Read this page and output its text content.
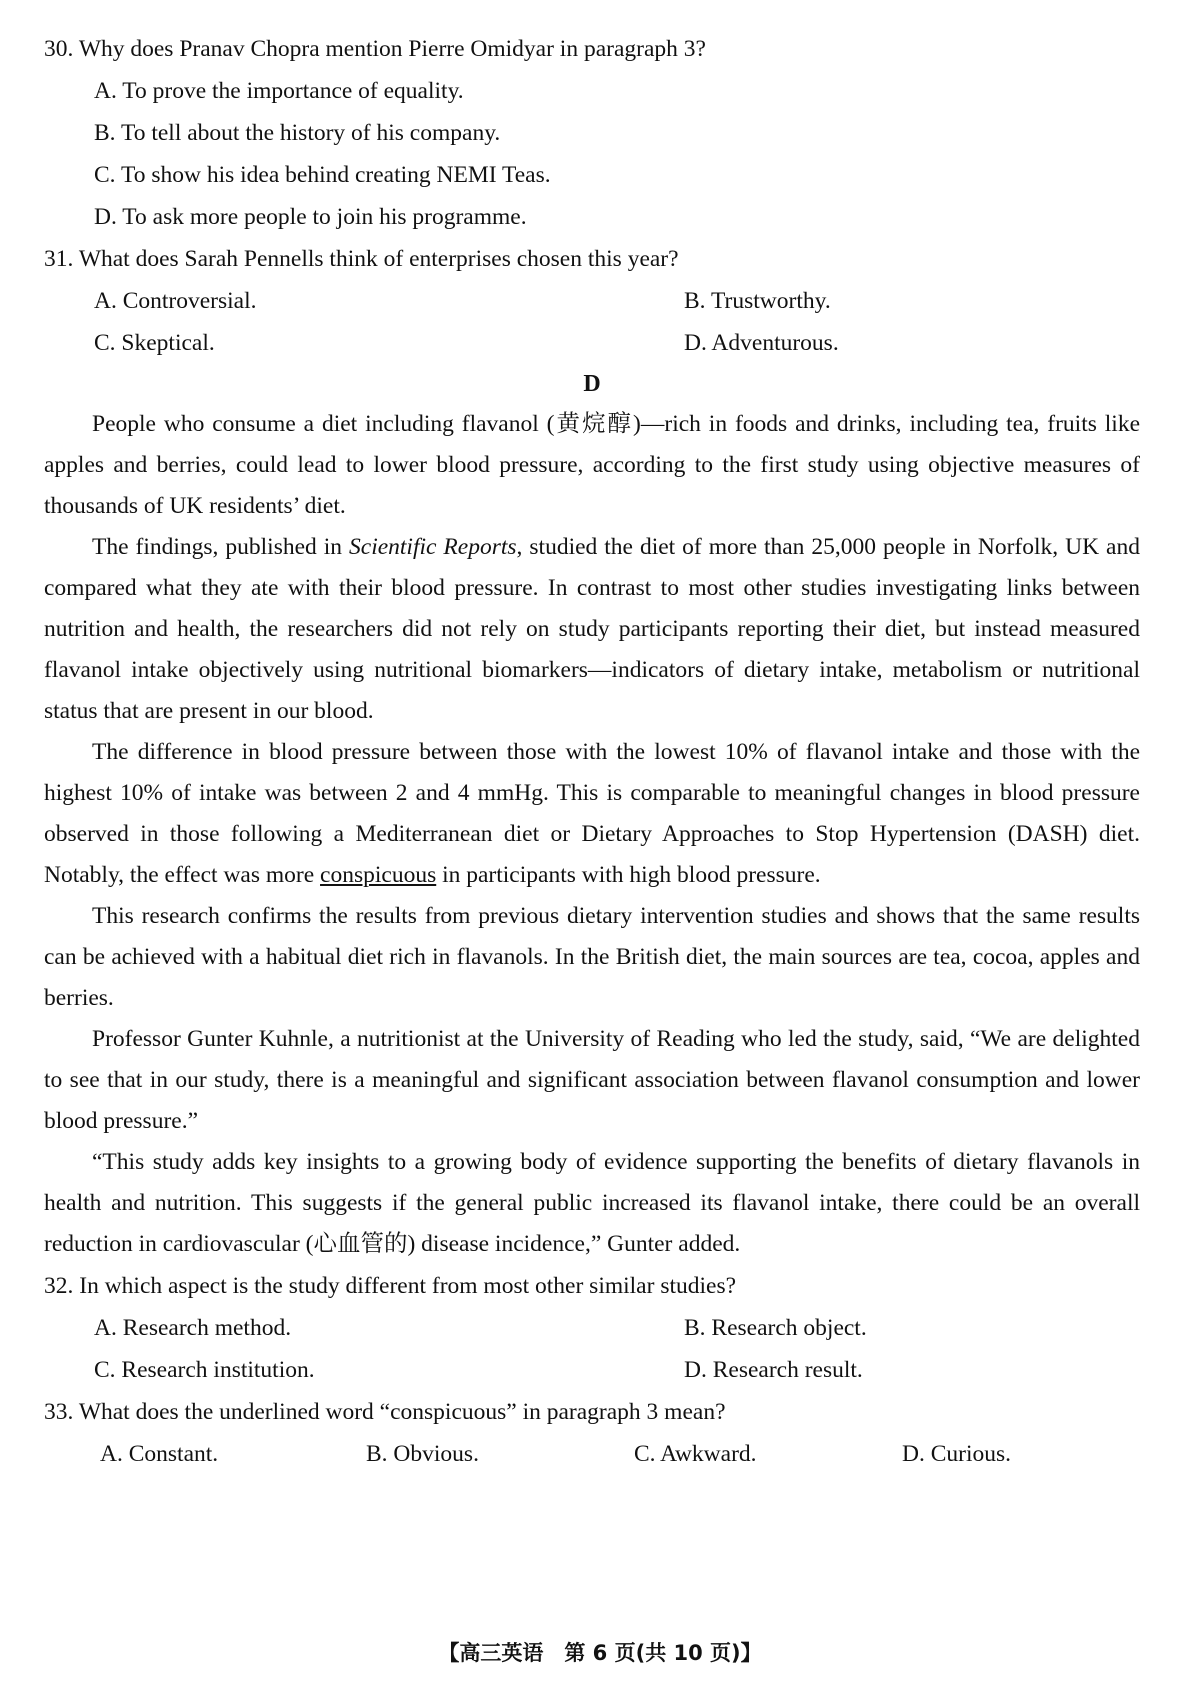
30. Why does Pranav Chopra mention Pierre Omidyar in paragraph 3?
A. To prove the importance of equality.
B. To tell about the history of his company.
C. To show his idea behind creating NEMI Teas.
D. To ask more people to join his programme.
31. What does Sarah Pennells think of enterprises chosen this year?
A. Controversial.	B. Trustworthy.
C. Skeptical.	D. Adventurous.
D

People who consume a diet including flavanol (黄烷醇)—rich in foods and drinks, including tea, fruits like apples and berries, could lead to lower blood pressure, according to the first study using objective measures of thousands of UK residents’ diet.

The findings, published in Scientific Reports, studied the diet of more than 25,000 people in Norfolk, UK and compared what they ate with their blood pressure. In contrast to most other studies investigating links between nutrition and health, the researchers did not rely on study participants reporting their diet, but instead measured flavanol intake objectively using nutritional biomarkers—indicators of dietary intake, metabolism or nutritional status that are present in our blood.

The difference in blood pressure between those with the lowest 10% of flavanol intake and those with the highest 10% of intake was between 2 and 4 mmHg. This is comparable to meaningful changes in blood pressure observed in those following a Mediterranean diet or Dietary Approaches to Stop Hypertension (DASH) diet. Notably, the effect was more conspicuous in participants with high blood pressure.

This research confirms the results from previous dietary intervention studies and shows that the same results can be achieved with a habitual diet rich in flavanols. In the British diet, the main sources are tea, cocoa, apples and berries.

Professor Gunter Kuhnle, a nutritionist at the University of Reading who led the study, said, “We are delighted to see that in our study, there is a meaningful and significant association between flavanol consumption and lower blood pressure.”

“This study adds key insights to a growing body of evidence supporting the benefits of dietary flavanols in health and nutrition. This suggests if the general public increased its flavanol intake, there could be an overall reduction in cardiovascular (心血管的) disease incidence,” Gunter added.

32. In which aspect is the study different from most other similar studies?
A. Research method.	B. Research object.
C. Research institution.	D. Research result.
33. What does the underlined word “conspicuous” in paragraph 3 mean?
A. Constant.	B. Obvious.	C. Awkward.	D. Curious.
【高三英语　第 6 页(共 10 页)】
